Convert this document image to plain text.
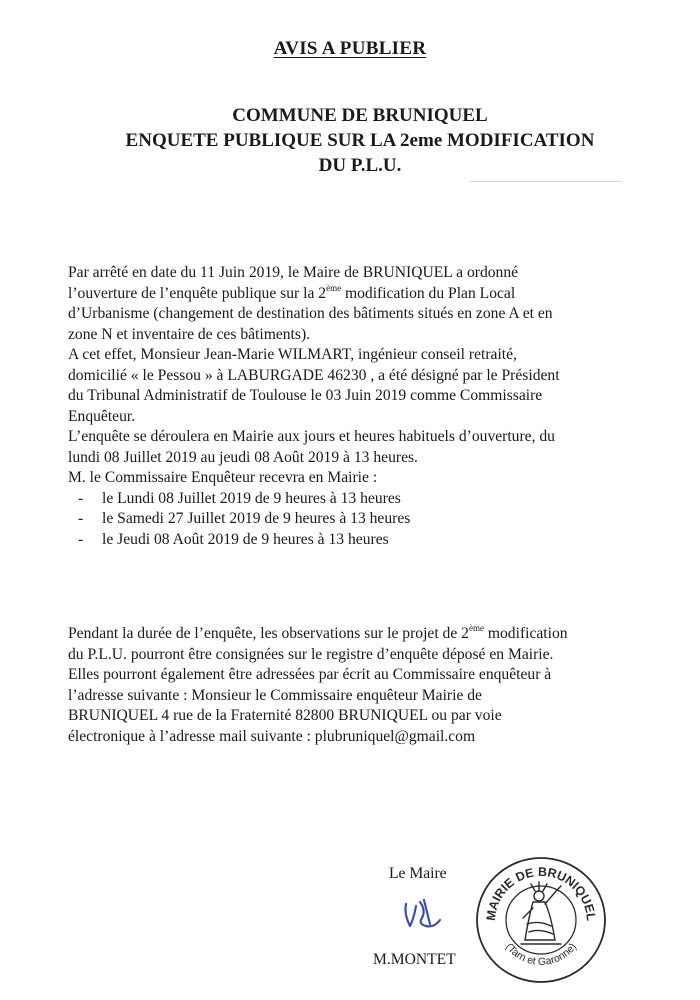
AVIS A PUBLIER
COMMUNE DE BRUNIQUEL
ENQUETE PUBLIQUE SUR LA 2eme MODIFICATION
DU P.L.U.

Par arrêté en date du 11 Juin 2019, le Maire de BRUNIQUEL a ordonné

l’ouverture de l’enquête publique sur la 2ème modification du Plan Local

d’Urbanisme (changement de destination des bâtiments situés en zone A et en

zone N et inventaire de ces bâtiments).

A cet effet, Monsieur Jean-Marie WILMART, ingénieur conseil retraité,

domicilié « le Pessou » à LABURGADE 46230 , a été désigné par le Président

du Tribunal Administratif de Toulouse le 03 Juin 2019 comme Commissaire

Enquêteur.

L’enquête se déroulera en Mairie aux jours et heures habituels d’ouverture, du

lundi 08 Juillet 2019 au jeudi 08 Août 2019 à 13 heures.

M. le Commissaire Enquêteur recevra en Mairie :

- le Lundi 08 Juillet 2019 de 9 heures à 13 heures
- le Samedi 27 Juillet 2019 de 9 heures à 13 heures
- le Jeudi 08 Août 2019 de 9 heures à 13 heures

Pendant la durée de l’enquête, les observations sur le projet de 2ème modification

du P.L.U. pourront être consignées sur le registre d’enquête déposé en Mairie.

Elles pourront également être adressées par écrit au Commissaire enquêteur à

l’adresse suivante : Monsieur le Commissaire enquêteur Mairie de

BRUNIQUEL 4 rue de la Fraternité 82800 BRUNIQUEL ou par voie

électronique à l’adresse mail suivante : plubruniquel@gmail.com

Le Maire
M.MONTET
MAIRIE DE BRUNIQUEL
(Tarn et Garonne)
